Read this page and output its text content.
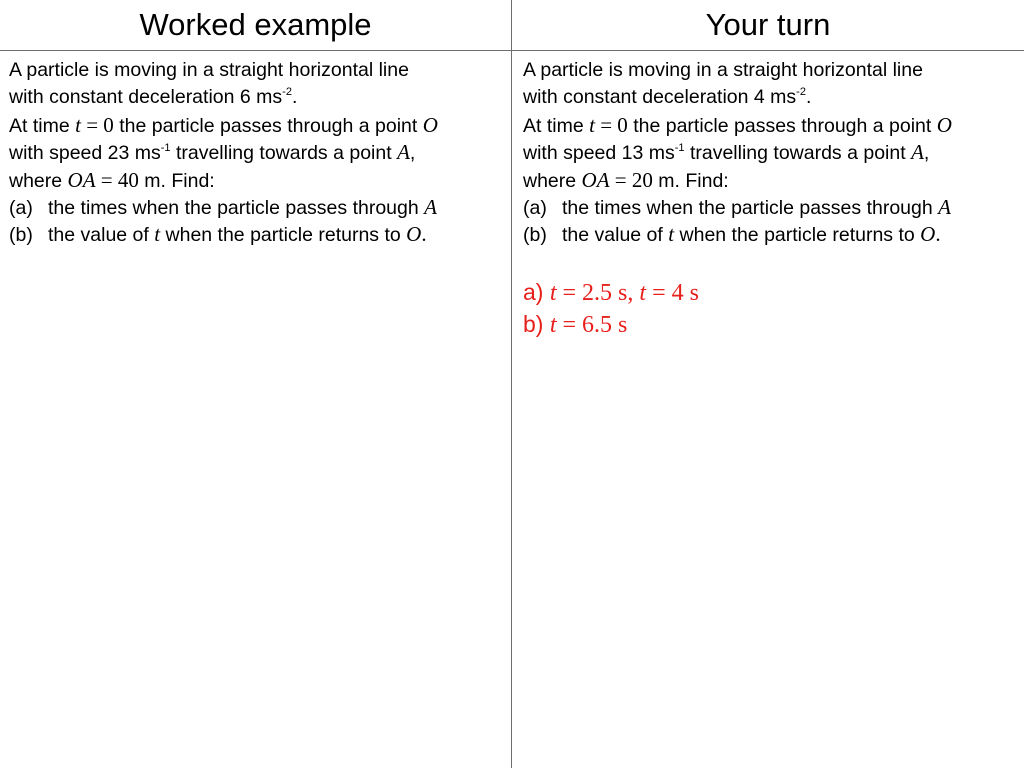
Worked example	Your turn
A particle is moving in a straight horizontal line
with constant deceleration 6 $ms^{-2}$.
At time t = 0 the particle passes through a point O
with speed 23 $ms^{-1}$ travelling towards a point A,
where OA = 40 m. Find:
(a) the times when the particle passes through A
(b) the value of t when the particle returns to O.
A particle is moving in a straight horizontal line
with constant deceleration 4 $ms^{-2}$.
At time t = 0 the particle passes through a point O
with speed 13 $ms^{-1}$ travelling towards a point A,
where OA = 20 m. Find:
(a) the times when the particle passes through A
(b) the value of t when the particle returns to O.
a) t = 2.5 s, t = 4 s
b) t = 6.5 s
